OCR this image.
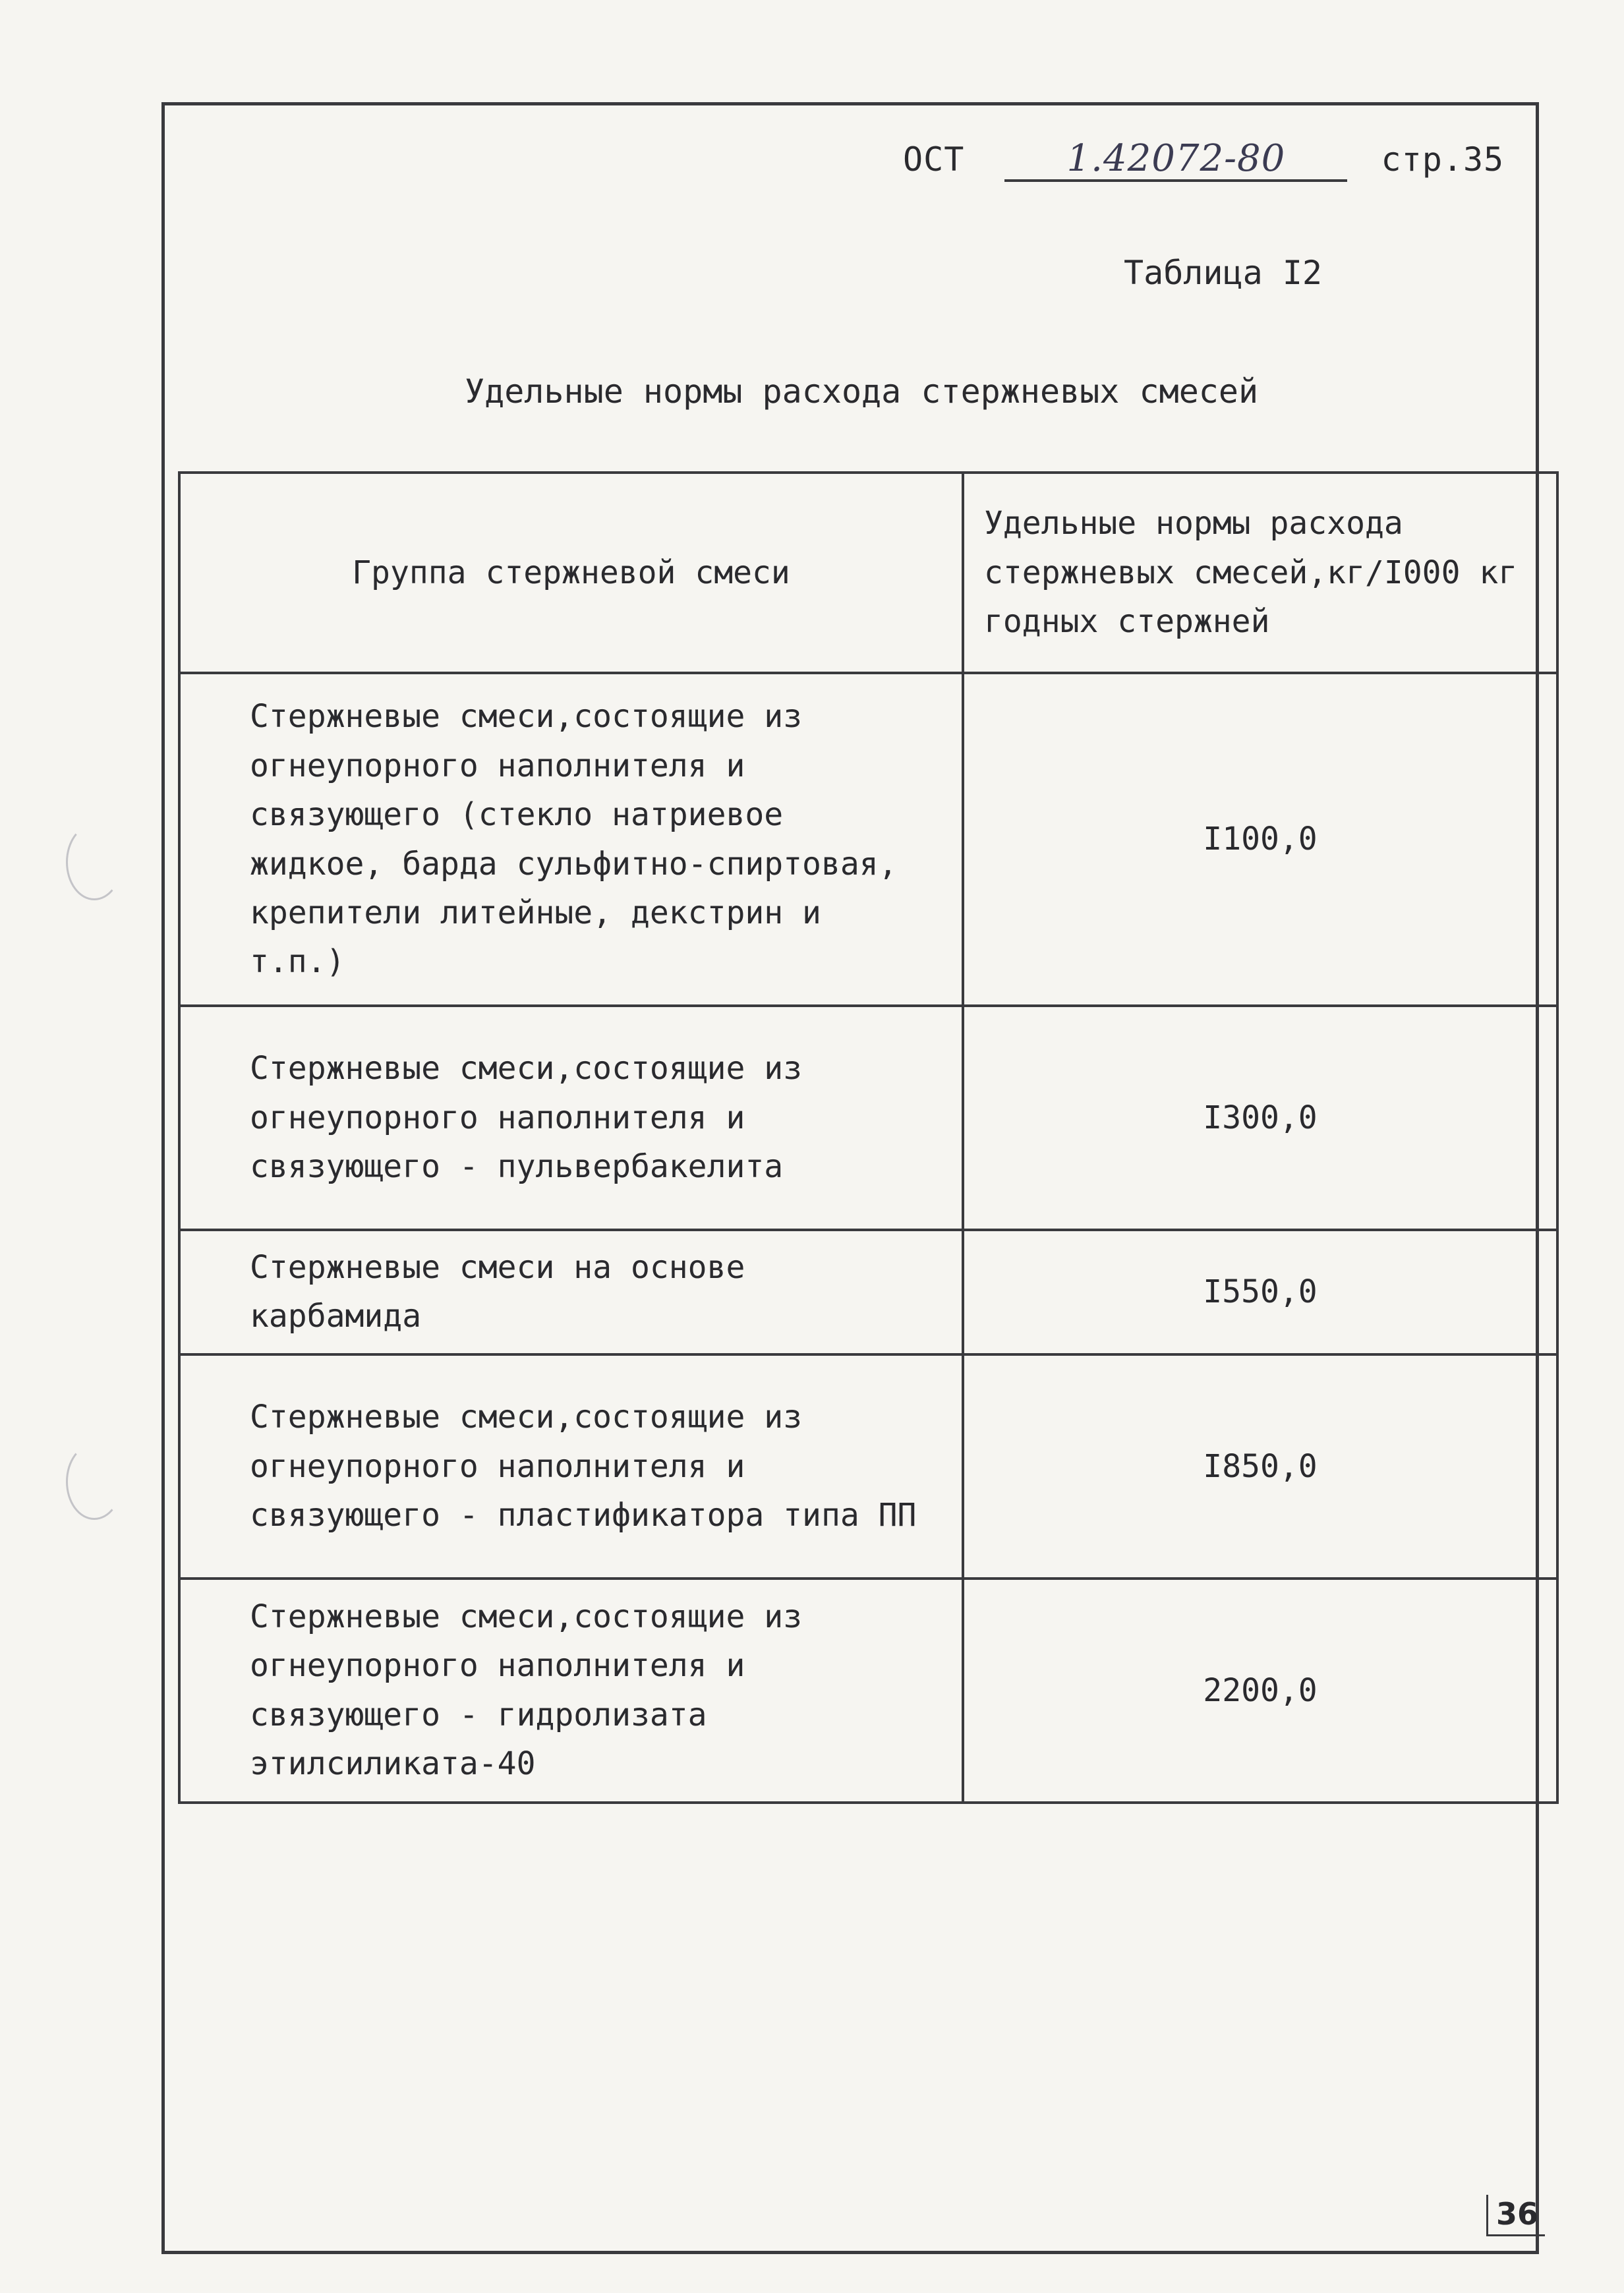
ОСТ	1.42072-80	стр.35
Таблица I2
Удельные нормы расхода стержневых смесей
Группа стержневой смеси	Удельные нормы расхода стержневых смесей,кг/I000 кг годных стержней
Стержневые смеси,состоящие из огнеупорного наполнителя и связующего (стекло натриевое жидкое, барда сульфитно-спиртовая, крепители литейные, декстрин и т.п.)	I100,0
Стержневые смеси,состоящие из огнеупорного наполнителя и связующего - пульвербакелита	I300,0
Стержневые смеси на основе карбамида	I550,0
Стержневые смеси,состоящие из огнеупорного наполнителя и связующего - пластификатора типа ПП	I850,0
Стержневые смеси,состоящие из огнеупорного наполнителя и связующего - гидролизата этилсиликата-40	2200,0
36
